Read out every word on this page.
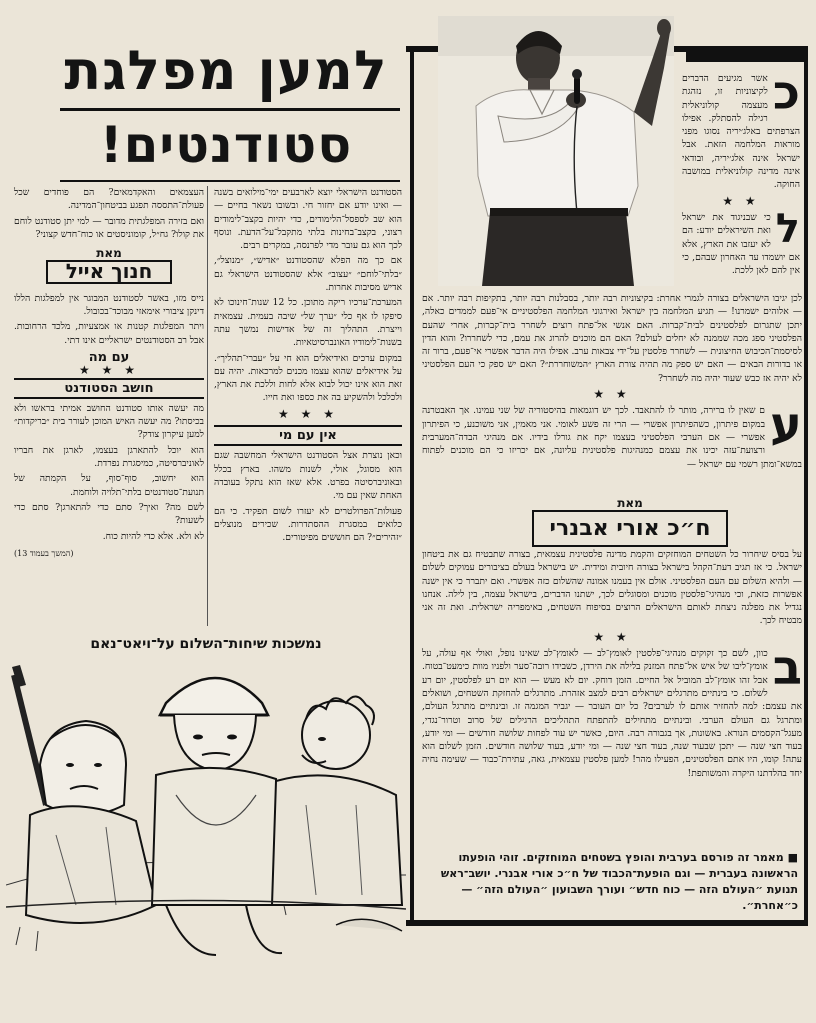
כ

אשר מגיעים הדברים לקיצוניות זו, נזהגת מעצמה קולוניאלית רגילה להסתלק. אפילו הצרפתים באלג׳יריה נסוגו מפני מוראות המלחמה הזאת. אבל ישראל אינה אלג׳יריה, ובודאי אינה מדינה קולוניאלית במושבה החוקה.

★ ★
ל

כי שבניגוד את ישראל ואת השיראלים יודע: הם לא יעזבו את הארץ, אלא אם יושמדו עד האחרון שבהם, כי אין להם לאן ללכת.

לכן יגיבו הישראלים בצורה לגמרי אחרת: בקיצוניות רבה יותר, בסבלנות רבה יותר, בתקיפות רבה יותר. אם — אלוהים ישמרנו! — תגיע המלחמה בין ישראל ואירגוני המלחמה הפלסטיניים אי־פעם לממדים כאלה, יתכן שתגרום לפלסטינים לבית־קברות. האם אנשי אל־פתח רוצים לשחרר בית־קברות, אחרי שהעם הפלסטיני ספג מכה שממנה לא יחלים לעולם? האם הם מוכנים להרוג את עמם, כדי לשחררו? והוא הדין לסיסמת־הכיבוש החיצונית — לשחרר פלסטין על־ידי צבאות ערב. אפילו היה הדבר אפשרי אי־פעם, ברור זה או בדורות הבאים — האם יש ספק מה תהיה צורת הארץ ״המשוחררת״? האם יש ספק כי העם הפלסטיני לא יהיה אז כבש שעוד יהיה מה לשחרר?

★ ★
ע

ם שאין לו ברירה, מותר לו להתאבד. לכך יש דוגמאות בהיסטוריה של שני עמינו. אך האבטרנה במקום פיתרון, כשהפיתרון אפשרי — הרי זה פשע לאומי. אני מאמין, אני משוכנע, כי הפיתרון אפשרי — אם הערבי הפלסטיני בעצמו יקח את גורלו בידיו. אם מנהיגי הבדה־המערבית ורצועת־עזה יכינו את עצמם כמנהיגות פלסטינית עליונה, אם יכריזו כי הם מוכנים לפתוח במשא־ומתן רשמי עם ישראל —

מאת
ח״כ אורי אבנרי

על בסיס שיחרור כל השטחים המוחזקים והקמת מדינה פלסטינית עצמאית, בצורה שתבטיח גם את ביטחון ישראל. כי אז תגיב דעת־הקהל בישראל בצורה חיובית ומידית. יש בישראל בעולם בציבורים עמוקים לשלום — ולהיא השלום עם העם הפלסטיני. אולם אין בעמנו אמונה שהשלום כזה אפשרי. ואם יתברר כי אין ישנה אפשרות כזאת, וכי מנהיגי־פלסטין מוכנים ומסוגלים לכך, ישתנו הדברים, בישראל עצמה, בין לילה. אנחנו נגדיל את מפלגה ניצחת לאותם הישראלים הרוצים בסיפוח השטחים, באימפריה ישראלית. ואת זה אני מבטיח לכך.

★ ★
ב

כוון, לשם כך זקוקים מנהיגי־פלסטין לאומץ־לב — לאומץ־לב שאינו נופל, ואולי אף עולה, על אומץ־ליבו של איש אל־פתח המזנק בלילה את הירדן, כשבידו רובה־סער ולפניו מוות כימעט־בטוח. אבל זהו אומץ־לב המוביל אל החיים. הזמן דוחק. יום לא מעש — הוא יום רע לפלסטין, יום רע לשלום. כי בינתיים מתרגלים ישראלים רבים למצב אזהרת. מתרגלים להחזקת השטחים, ושואלים את עצמם: למה להחזיר אותם לו לערבים? כל יום העובר — יגביר המגמה זו. ובינתיים מתרגל העולם, ומתרגל גם העולם הערבי. ובינתיים מתחילים להתפתח התהליכים הרגילים של סרוב וטרור־נגדי, מעגל־הקסמים הנורא. באשונות, אך בגבורה רבה. היום, כאשר יש עוד לפחות שלושה חודשים — ומי יודע, בעוד חצי שנה — יתכן שבעוד שנה, בעוד חצי שנה — ומי יודע, בעוד שלושה חודשים. הזמן לשלום הוא עתה! קומו, היו אתם הפלסטינים, הפעילו מהר! למען פלסטין עצמאית, גאה, עתירת־כבוד — שעימה נחיה יחד בהלדתנו היקרה והמשותפת!

■ מאמר זה פורסם בערבית והופץ בשטחים המוחזקים. זוהי הופעתו הראשונה בעברית — וגם הופעת־הכבוד של ח״כ אורי אבנרי. יושב־ראש תנועת ״העולם הזה — כוח חדש״ ועורך השבועון ״העולם הזה״ — כ״אחרת״.
למען מפלגת
סטודנטים!

הסטודנט הישראלי יוצא לארבעים ימי־מילואים בשנה — ואינו יודע אם יחזור חי. ובשובו נשאר בחיים — הוא שב לספסל־הלימודים, כדי יהיות בקצב־לימודים רצוני, בקצב־בחינות בלתי מתקבל־על־הדעת. ונוסף לכך הוא גם עובר מדי לפרנסה, במקרים רבים.

אם כך מה הפלא שהסטודנט ״אדיש״, ״מנוצל״, ״בלתי־לוחם״ ״עצוב״ אלא שהסטודנט הישראלי גם אדיש מסיבות אחרות.

המערכת־ערכיו ריקה מתוכן. כל 12 שנות־חינוכו לא סיפקו לו אף כלי ״ערך של״ שיבה בעמית. עצמאית וייצרת. התהליך זה של אדישות נמשך עתה בשנות־לימודיו האונברסיטאיות.

במקום ערכים ואידיאלים הוא חי על ״עברי־תהליך״. על אידיאלים שהוא עצמו מכנים למרכאות. יהיה עם זאת הוא אינו יכול לבוא אלא לחות וללכת את הארץ, ולכלכל ולהשקיע בה את כספו ואת חייו.

★ ★ ★
אין עם מי

וכאן נוצרת אצל הסטודנט הישראלי המחשבה שגם הוא מסוגל, אולי, לשנות משהו. בארץ בכלל ובאוניברסיטה בפרט. אלא שאז הוא נתקל בעובדה האחת שאין עם מי.

פעולות־הפרולטרים לא יעזרו לשום תפקיד. כי הם כלואים במסגרת ההסתדרות. שכירים מנוצלים ״זהירים״? הם חוששים מפיטורים.

העצמאים והאקדמאים? הם פוחדים שכל פעולת־התססה תפגע בביטחון־המדינה.

ואם בזירה המפלגתית מדובר — למי יתן סטודנט לוחם את קולו? גח״ל, קומוניסטים או כוח־חדש קצוני?

מאת
חנוך אייל

נייס מזו, באשר לסטודנט המבוגר אין למפלגות הללו דינקן ציבורי אימאזי מבוכד־בכובול.

ויתר המפלגות קטנות או אמצעיות, מלכד הרחובות. אבל רב הסטודנטים ישראליים אינו דתי.

עם מה
★ ★ ★
חושב הסטודנט

מה יעשה אותו סטודנט החושב אמיתי בראשו ולא בכיסתו? מה יעשה האיש המוכן לעורר בית ״בריקדות״ למען עיקרון צודק?

הוא יוכל להתארגן בעצמו, לארגן את חבריו לאוניברסיטה, כמיסגרת נפרדת.

הוא יחשוב, סוף־סוף, על הקמתה של תנועת־סטודנטים בלתי־תלויה ולוחמת.

לשם מה? ואיך? סתם כדי להתארגן? סתם כדי לשעות?

לא ולא. אלא כדי להיות כוח.

(המשך בעמוד 13)
נמשכות שיחות־השלום על־ויאט־נאם
